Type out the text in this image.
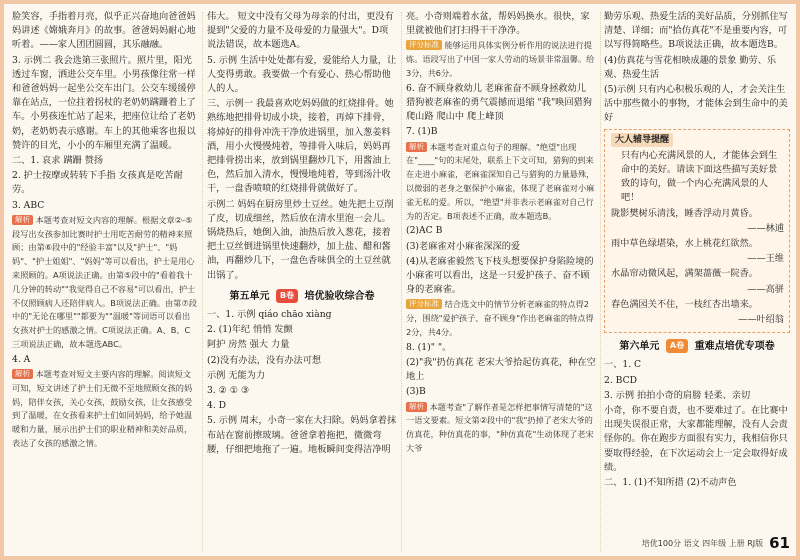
脸笑容，手指着月亮，似乎正兴奋地向爸爸妈妈讲述《嫦娥奔月》的故事。爸爸妈妈耐心地听着。——家人团团圆圆，其乐融融。

3. 示例二 我会选第三张照片。照片里，阳光透过车窗，洒进公交车里。小男孩像往常一样和爸爸妈妈一起坐公交车出门。公交车缓缓停靠在站点，一位拄着拐杖的老奶奶蹒跚着上了车。小男孩连忙站了起来，把座位让给了老奶奶，老奶奶表示感谢。车上的其他乘客也报以赞许的目光，小小的车厢里充满了温暖。

二、1. 哀求 蹒跚 赞扬

2. 护士按摩或转转下手指 女孩真是吃苦耐劳。

3. ABC

解析 本题考查对短文内容的理解。根据文章②-⑤段写出女孩参加比赛时护士用吃苦耐劳的精神来照顾；由第⑥段中的"经验丰富"以及"护士"、"妈妈"、"护士姐姐"、"妈妈"等可以看出，护士是用心来照顾的。A项说法正确。由第⑤段中的"看着我十几分钟的转动""我觉得自己不容易"可以看出，护士不仅照顾病人还陪伴病人。B项说法正确。由第⑦段中的"无论在哪里""都要为""温暖"等词语可以看出女孩对护士的感激之情。C项说法正确。A、B、C三项说法正确，故本题选ABC。

4. A

解析 本题考查对短文主要内容的理解。阅读短文可知，短文讲述了护士们无微不至地照顾女孩的妈妈，陪伴女孩，关心女孩，鼓励女孩，让女孩感受到了温暖，在女孩看来护士们如同妈妈，给予她温暖和力量，展示出护士们的职业精神和美好品质，表达了女孩的感激之情。

伟大。 短文中没有父母为母亲的付出，更没有提到"父爱的力量不及母爱的力量强大"。D项说法错误，故本题选A。

5. 示例 生活中处处都有爱，爱能给人力量，让人变得勇敢。我要做一个有爱心、热心帮助他人的人。

三、示例一 我最喜欢吃妈妈做的红烧排骨。她熟练地把排骨切成小块，接着，再焯下排骨，将焯好的排骨冲洗干净放进锅里，加入葱姜料酒，用小火慢慢炖着，等排骨入味后，妈妈再把排骨捞出来，放到锅里翻炒几下，用酱油上色，然后加入清水，慢慢地炖着，等到汤汁收干，一盘香喷喷的红烧排骨就做好了。

示例二 妈妈在厨房里炒土豆丝。她先把土豆削了皮，切成细丝，然后放在清水里泡一会儿。锅烧热后，她倒入油，油热后放入葱花，接着把土豆丝倒进锅里快速翻炒，加上盐、醋和酱油，再翻炒几下，一盘色香味俱全的土豆丝就出锅了。

第五单元 B卷 培优验收综合卷

一、1. 示例 qiáo chāo xiàng

2. (1)年纪 悄悄 发颤

阿护 房然 强大 力量

(2)没有办法，没有办法可想

示例 无能为力

3. ② ① ③

4. D

5. 示例 周末，小奇一家在大扫除。妈妈拿着抹布站在窗前擦玻璃。爸爸拿着拖把，微微弯腰，仔细把地拖了一遍。地板瞬间变得洁净明

亮。小奇则端着水盆，帮妈妈换水。很快，家里就被他们打扫得干干净净。

评分标准 能够运用具体实例分析作用的说法进行提炼。语段写出了中国一家人劳动的场景非常温馨。给3分，共6分。

6. 奋不顾身救幼儿 老麻雀奋不顾身拯救幼儿 猎狗被老麻雀的勇气震撼而退缩 "我"唤回猎狗 爬山路 爬山中 爬上峰顶

7. (1)B

解析 本题考查对重点句子的理解。"绝望"出现在"____"句的末尾处，联系上下文可知，猎狗的到来在走进小麻雀，老麻雀深知自己与猎狗的力量悬殊，以微弱的老身之躯保护小麻雀，体现了老麻雀对小麻雀无私的爱。所以，"绝望"并非表示老麻雀对自己行为的否定。B项表述不正确，故本题选B。

(2)AC B

(3)老麻雀对小麻雀深深的爱

(4)从老麻雀毅然飞下枝头想要保护身陷险境的小麻雀可以看出，这是一只爱护孩子、奋不顾身的老麻雀。

评分标准 结合选文中的情节分析老麻雀的特点得2分，围绕"爱护孩子、奋不顾身"作出老麻雀的特点得2分，共4分。

8. (1)" "。

(2)"我"扔仿真花 老宋大爷拾起仿真花，种在空地上

(3)B

解析 本题考查"了解作者是怎样把事情写清楚的"这一语文要素。短文第②段中的"我"扔掉了老宋大爷的仿真花，种仿真花的事，"种仿真花"生动体现了老宋大爷

勤劳乐观、热爱生活的美好品质，分别抓住写清楚、详细；而"拾仿真花"不是重要内容，可以写得简略些。B项说法正确，故本题选B。

(4)仿真花与雪花相映成趣的景象 勤劳、乐观、热爱生活

(5)示例 只有内心积极乐观的人，才会关注生活中那些微小的事物，才能体会到生命中的美好

大人辅导提醒

只有内心充满风景的人，才能体会到生命中的美好。请读下面这些描写美好景致的诗句，做一个内心充满风景的人吧！

陇影樊树乐清浅，睡香浮动月黄昏。

——林逋

雨中草色绿堪染，水上桃花红欲然。

——王维

水晶帘动微风起，满架蔷薇一院香。

——高骈

春色满园关不住，一枝红杏出墙来。

——叶绍翁

第六单元 A卷 重难点培优专项卷

一、1. C

2. BCD

3. 示例 拍拍小奇的肩膀 轻柔、亲切

小奇，你不要自责，也不要难过了。在比赛中出现失误很正常，大家都能理解，没有人会责怪你的。你在跑步方面很有实力，我相信你只要取得经验，在下次运动会上一定会取得好成绩。

二、1. (1)不知所措 (2)不动声色

培优100分 语文 四年级 上册 RJ版 61
